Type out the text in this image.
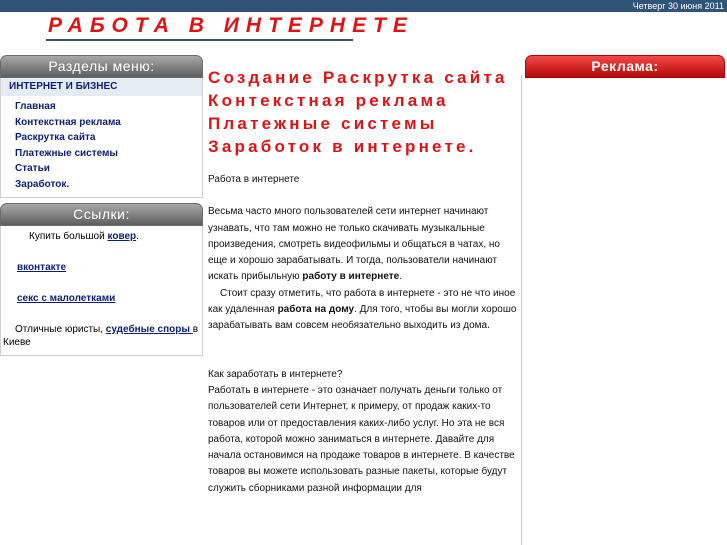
Четверг 30 июня 2011
РАБОТА В ИНТЕРНЕТЕ
Разделы меню:
ИНТЕРНЕТ И БИЗНЕС
Главная
Контекстная реклама
Раскрутка сайта
Платежные системы
Статьи
Заработок.
Ссылки:

Купить большой ковер.

вконтакте

секс с малолетками

Отличные юристы, судебные споры в Киеве

Создание Раскрутка сайта Контекстная реклама Платежные системы Заработок в интернете.

Работа в интернете

Весьма часто много пользователей сети интернет начинают узнавать, что там можно не только скачивать музыкальные произведения, смотреть видеофильмы и общаться в чатах, но еще и хорошо зарабатывать. И тогда, пользователи начинают искать прибыльную работу в интернете.

Стоит сразу отметить, что работа в интернете - это не что иное как удаленная работа на дому. Для того, чтобы вы могли хорошо зарабатывать вам совсем необязательно выходить из дома.

Как заработать в интернете?

Работать в интернете - это означает получать деньги только от пользователей сети Интернет, к примеру, от продаж каких-то товаров или от предоставления каких-либо услуг. Но эта не вся работа, которой можно заниматься в интернете. Давайте для начала остановимся на продаже товаров в интернете. В качестве товаров вы можете использовать разные пакеты, которые будут служить сборниками разной информации для

Реклама:
